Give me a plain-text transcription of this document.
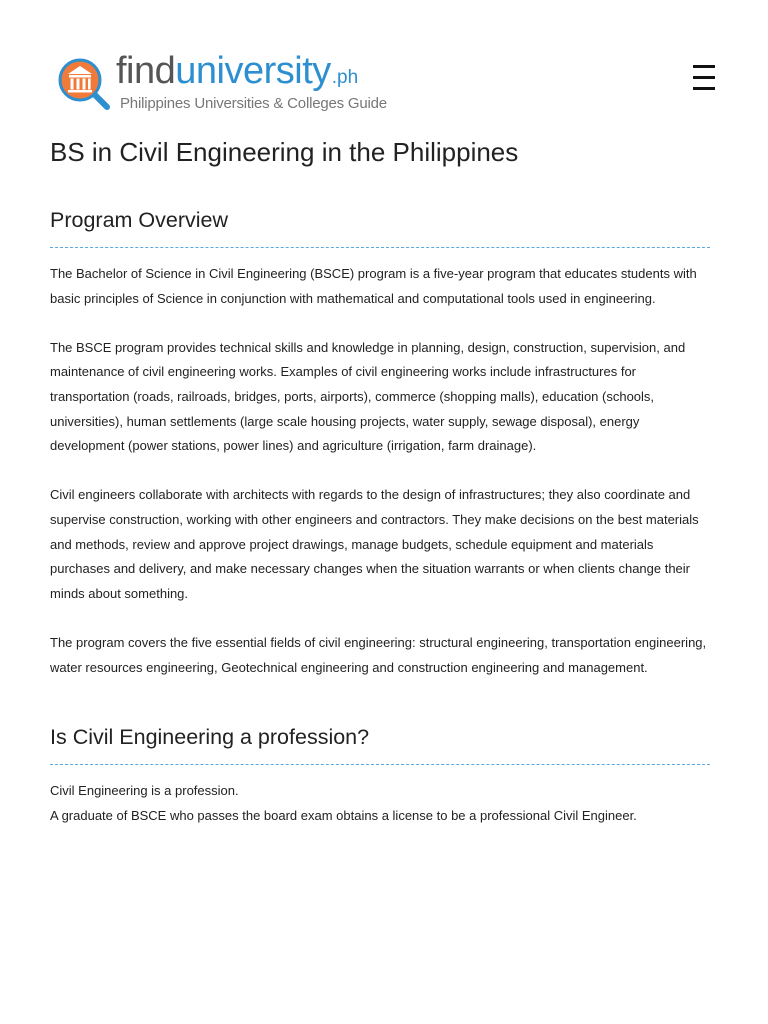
finduniversity.ph
Philippines Universities & Colleges Guide
BS in Civil Engineering in the Philippines
Program Overview

The Bachelor of Science in Civil Engineering (BSCE) program is a five-year program that educates students with basic principles of Science in conjunction with mathematical and computational tools used in engineering.

The BSCE program provides technical skills and knowledge in planning, design, construction, supervision, and maintenance of civil engineering works. Examples of civil engineering works include infrastructures for transportation (roads, railroads, bridges, ports, airports), commerce (shopping malls), education (schools, universities), human settlements (large scale housing projects, water supply, sewage disposal), energy development (power stations, power lines) and agriculture (irrigation, farm drainage).

Civil engineers collaborate with architects with regards to the design of infrastructures; they also coordinate and supervise construction, working with other engineers and contractors. They make decisions on the best materials and methods, review and approve project drawings, manage budgets, schedule equipment and materials purchases and delivery, and make necessary changes when the situation warrants or when clients change their minds about something.

The program covers the five essential fields of civil engineering: structural engineering, transportation engineering, water resources engineering, Geotechnical engineering and construction engineering and management.

Is Civil Engineering a profession?

Civil Engineering is a profession.

A graduate of BSCE who passes the board exam obtains a license to be a professional Civil Engineer.
